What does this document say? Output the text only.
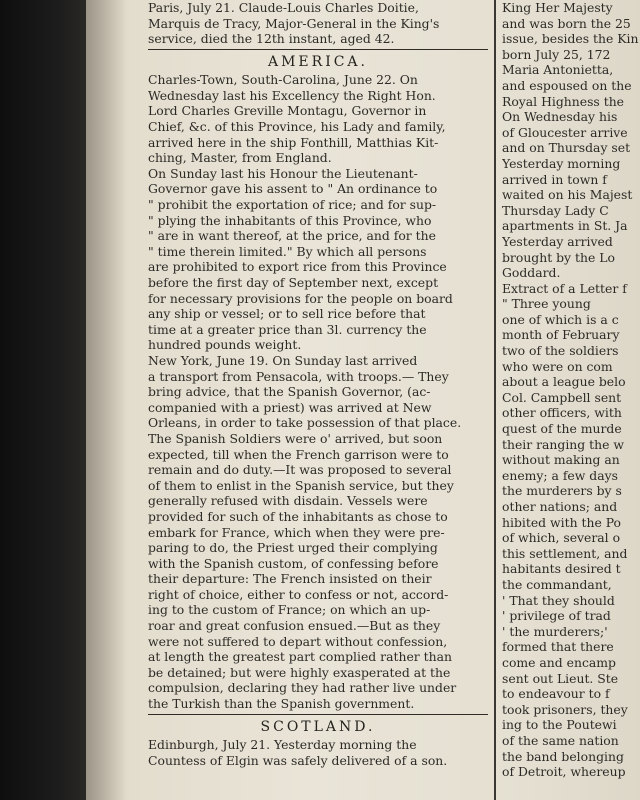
Paris, July 21. Claude-Louis Charles Doitie,
Marquis de Tracy, Major-General in the King's
service, died the 12th instant, aged 42.
AMERICA.
Charles-Town, South-Carolina, June 22. On
Wednesday last his Excellency the Right Hon.
Lord Charles Greville Montagu, Governor in
Chief, &c. of this Province, his Lady and family,
arrived here in the ship Fonthill, Matthias Kit-
ching, Master, from England.
On Sunday last his Honour the Lieutenant-
Governor gave his assent to " An ordinance to
" prohibit the exportation of rice; and for sup-
" plying the inhabitants of this Province, who
" are in want thereof, at the price, and for the
" time therein limited." By which all persons
are prohibited to export rice from this Province
before the first day of September next, except
for necessary provisions for the people on board
any ship or vessel; or to sell rice before that
time at a greater price than 3l. currency the
hundred pounds weight.
New York, June 19. On Sunday last arrived
a transport from Pensacola, with troops.— They
bring advice, that the Spanish Governor, (ac-
companied with a priest) was arrived at New
Orleans, in order to take possession of that place.
The Spanish Soldiers were o' arrived, but soon
expected, till when the French garrison were to
remain and do duty.—It was proposed to several
of them to enlist in the Spanish service, but they
generally refused with disdain. Vessels were
provided for such of the inhabitants as chose to
embark for France, which when they were pre-
paring to do, the Priest urged their complying
with the Spanish custom, of confessing before
their departure: The French insisted on their
right of choice, either to confess or not, accord-
ing to the custom of France; on which an up-
roar and great confusion ensued.—But as they
were not suffered to depart without confession,
at length the greatest part complied rather than
be detained; but were highly exasperated at the
compulsion, declaring they had rather live under
the Turkish than the Spanish government.
SCOTLAND.
Edinburgh, July 21. Yesterday morning the
Countess of Elgin was safely delivered of a son.
King Her Majesty
and was born the 25
issue, besides the Kin
born July 25, 172
Maria Antonietta,
and espoused on the
Royal Highness the
On Wednesday his
of Gloucester arrive
and on Thursday set
Yesterday morning
arrived in town f
waited on his Majest
Thursday Lady C
apartments in St. Ja
Yesterday arrived
brought by the Lo
Goddard.
Extract of a Letter f
" Three young
one of which is a c
month of February
two of the soldiers
who were on com
about a league belo
Col. Campbell sent
other officers, with
quest of the murde
their ranging the w
without making an
enemy; a few days
the murderers by s
other nations; and
hibited with the Po
of which, several o
this settlement, and
habitants desired t
the commandant,
' That they should
' privilege of trad
' the murderers;'
formed that there
come and encamp
sent out Lieut. Ste
to endeavour to f
took prisoners, they
ing to the Poutewi
of the same nation
the band belonging
of Detroit, whereup
